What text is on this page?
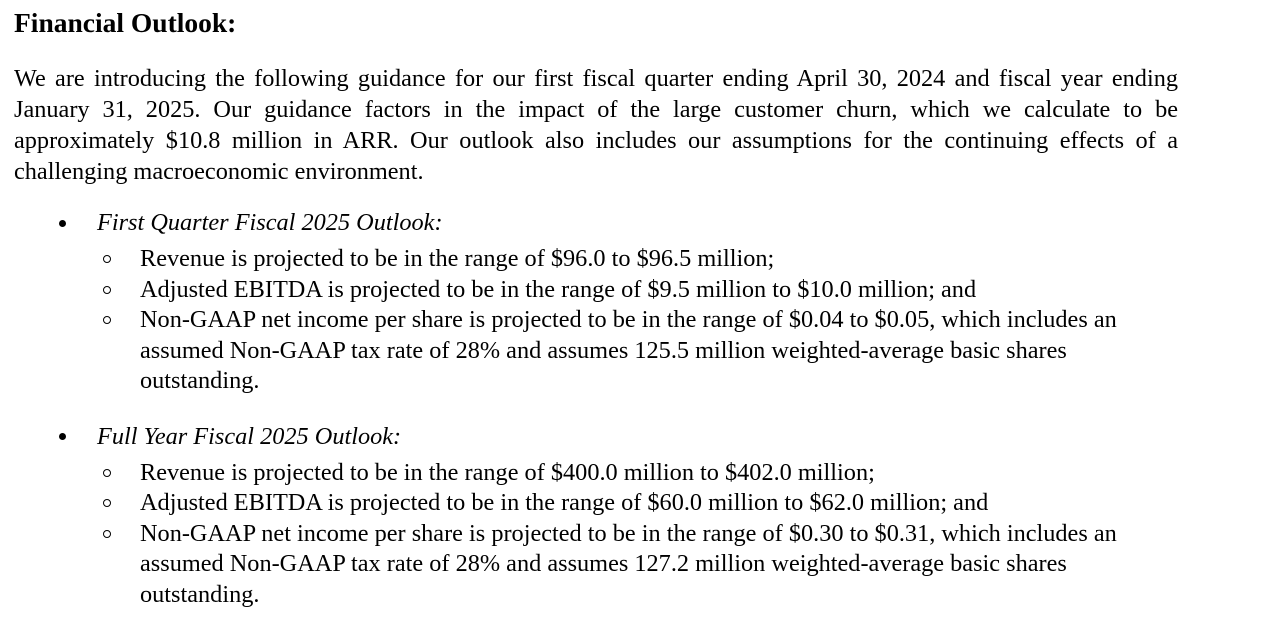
Financial Outlook:

We are introducing the following guidance for our first fiscal quarter ending April 30, 2024 and fiscal year ending January 31, 2025. Our guidance factors in the impact of the large customer churn, which we calculate to be approximately $10.8 million in ARR. Our outlook also includes our assumptions for the continuing effects of a challenging macroeconomic environment.

First Quarter Fiscal 2025 Outlook:
Revenue is projected to be in the range of $96.0 to $96.5 million;
Adjusted EBITDA is projected to be in the range of $9.5 million to $10.0 million; and
Non-GAAP net income per share is projected to be in the range of $0.04 to $0.05, which includes an assumed Non-GAAP tax rate of 28% and assumes 125.5 million weighted-average basic shares outstanding.
Full Year Fiscal 2025 Outlook:
Revenue is projected to be in the range of $400.0 million to $402.0 million;
Adjusted EBITDA is projected to be in the range of $60.0 million to $62.0 million; and
Non-GAAP net income per share is projected to be in the range of $0.30 to $0.31, which includes an assumed Non-GAAP tax rate of 28% and assumes 127.2 million weighted-average basic shares outstanding.
